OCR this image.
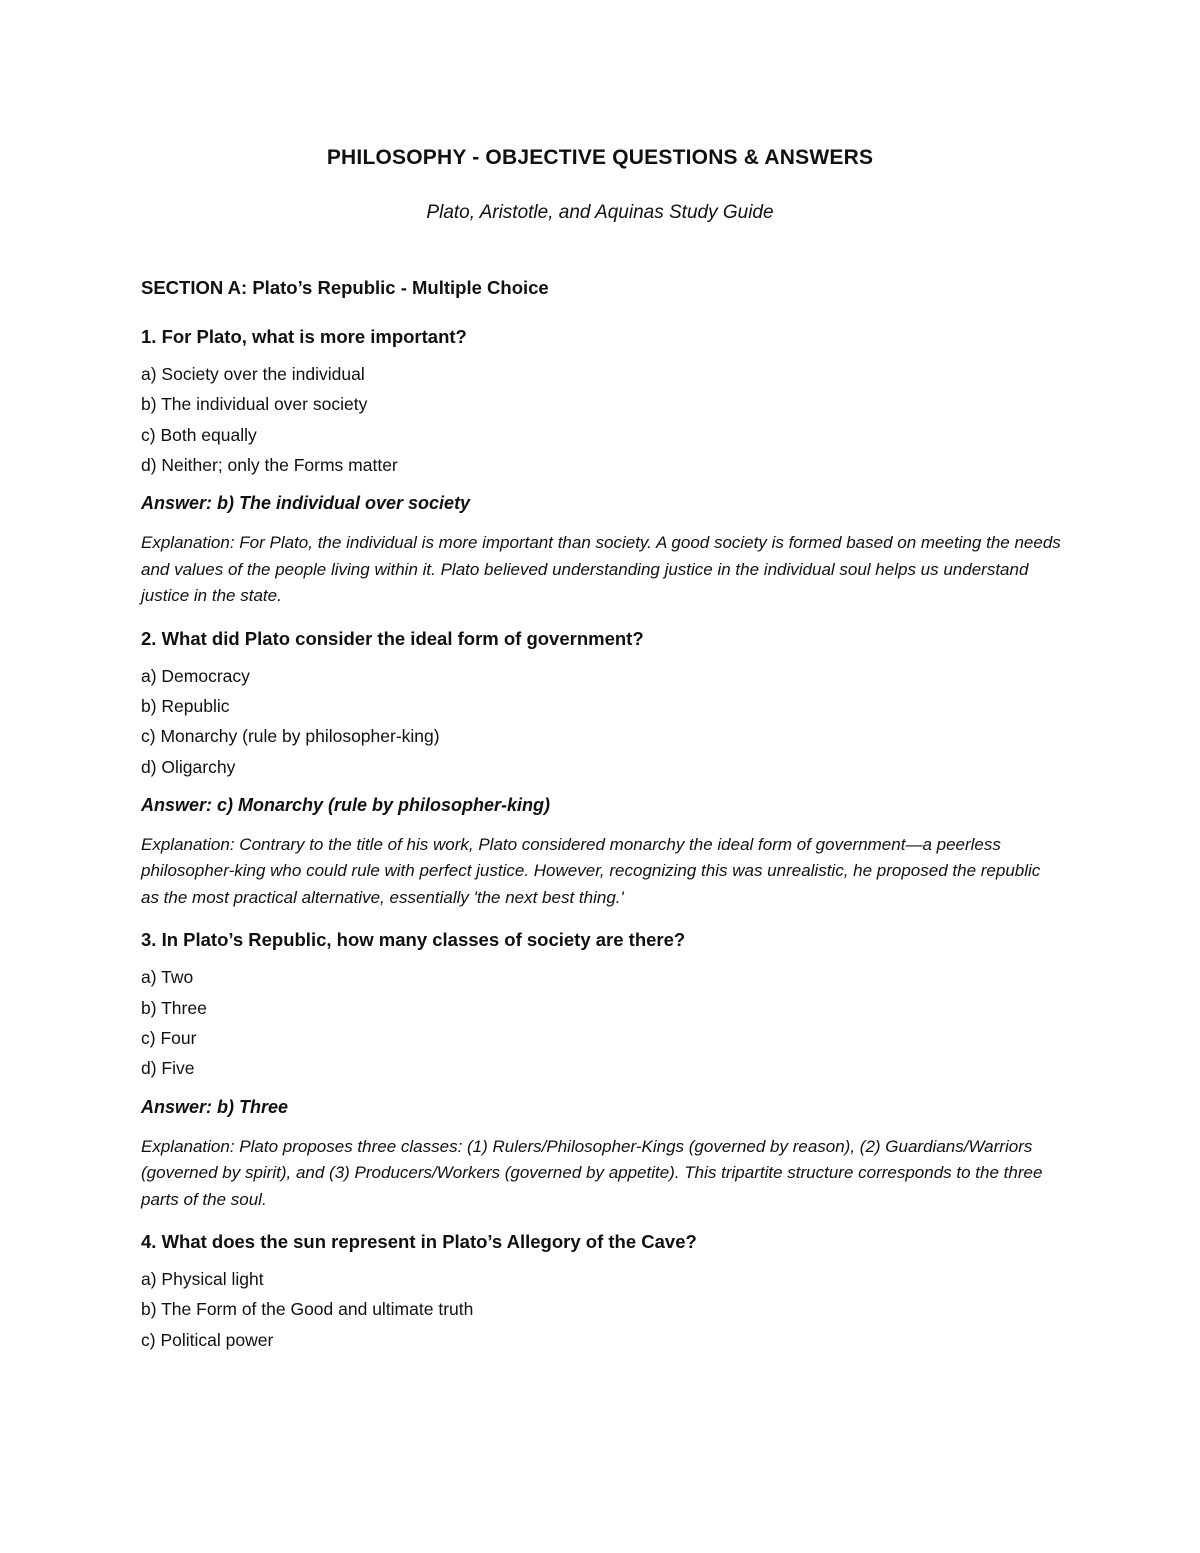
PHILOSOPHY - OBJECTIVE QUESTIONS & ANSWERS
Plato, Aristotle, and Aquinas Study Guide
SECTION A: Plato’s Republic - Multiple Choice
1. For Plato, what is more important?
a) Society over the individual
b) The individual over society
c) Both equally
d) Neither; only the Forms matter
Answer: b) The individual over society
Explanation: For Plato, the individual is more important than society. A good society is formed based on meeting the needs and values of the people living within it. Plato believed understanding justice in the individual soul helps us understand justice in the state.
2. What did Plato consider the ideal form of government?
a) Democracy
b) Republic
c) Monarchy (rule by philosopher-king)
d) Oligarchy
Answer: c) Monarchy (rule by philosopher-king)
Explanation: Contrary to the title of his work, Plato considered monarchy the ideal form of government—a peerless philosopher-king who could rule with perfect justice. However, recognizing this was unrealistic, he proposed the republic as the most practical alternative, essentially 'the next best thing.'
3. In Plato’s Republic, how many classes of society are there?
a) Two
b) Three
c) Four
d) Five
Answer: b) Three
Explanation: Plato proposes three classes: (1) Rulers/Philosopher-Kings (governed by reason), (2) Guardians/Warriors (governed by spirit), and (3) Producers/Workers (governed by appetite). This tripartite structure corresponds to the three parts of the soul.
4. What does the sun represent in Plato’s Allegory of the Cave?
a) Physical light
b) The Form of the Good and ultimate truth
c) Political power
